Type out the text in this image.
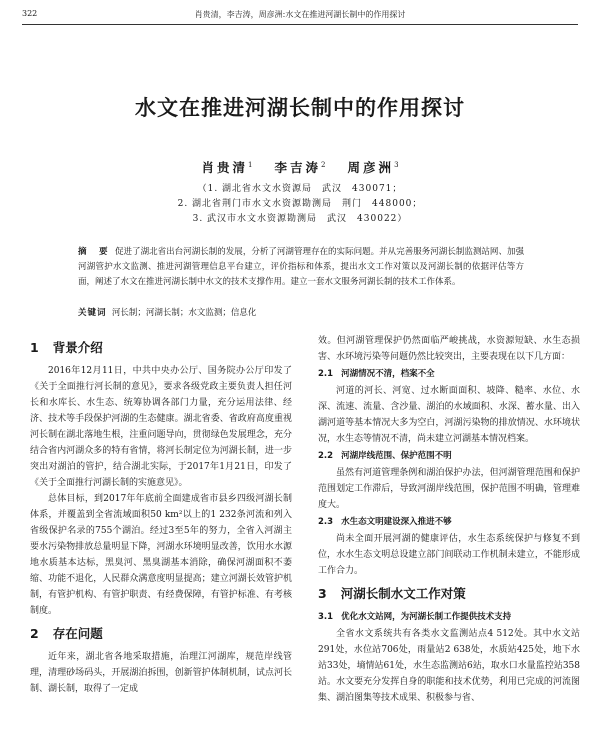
322	肖贵清，李吉涛，周彦洲:水文在推进河湖长制中的作用探讨
水文在推进河湖长制中的作用探讨
肖贵清$^1$ 李吉涛$^2$ 周彦洲$^3$
（1. 湖北省水文水资源局　武汉　430071；
2. 湖北省荆门市水文水资源勘测局　荆门　448000；
3. 武汉市水文水资源勘测局　武汉　430022）
摘　要 促进了湖北省出台河湖长制的发展，分析了河湖管理存在的实际问题。并从完善服务河湖长制监测站网、加强河湖管护水文监测、推进河湖管理信息平台建立，评价指标和体系，提出水文工作对策以及河湖长制的依据评估等方面，阐述了水文在推进河湖长制中水文的技术支撑作用。建立一套水文服务河湖长制的技术工作体系。
关键词 河长制；河湖长制；水文监测；信息化
1 背景介绍

2016年12月11日，中共中央办公厅、国务院办公厅印发了《关于全面推行河长制的意见》，要求各级党政主要负责人担任河长和水库长、水生态、统筹协调各部门力量，充分运用法律、经济、技术等手段保护河湖的生态健康。湖北省委、省政府高度重视河长制在湖北落地生根，注重问题导向，贯彻绿色发展理念，充分结合省内河湖众多的特有省情，将河长制定位为河湖长制，进一步突出对湖泊的管护，结合湖北实际，于2017年1月21日，印发了《关于全面推行河湖长制的实施意见》。

总体目标，到2017年年底前全面建成省市县乡四级河湖长制体系，并覆盖到全省流域面积50 km²以上的1 232条河流和列入省级保护名录的755个湖泊。经过3至5年的努力，全省入河湖主要水污染物排放总量明显下降，河湖水环境明显改善，饮用水水源地水质基本达标，黑臭河、黑臭湖基本消除，确保河湖面积不萎缩、功能不退化，人民群众满意度明显提高；建立河湖长效管护机制，有管护机构、有管护职责、有经费保障，有管护标准、有考核制度。

2 存在问题

近年来，湖北省各地采取措施，治理江河湖库，规范岸线管理，清理砂场码头，开展湖泊拆围，创新管护体制机制，试点河长制、湖长制，取得了一定成

效。但河湖管理保护仍然面临严峻挑战，水资源短缺、水生态损害、水环境污染等问题仍然比较突出，主要表现在以下几方面：

2.1 河湖情况不清，档案不全

河道的河长、河宽、过水断面面积、坡降、糙率、水位、水深、流速、流量、含沙量、湖泊的水域面积、水深、蓄水量、出入湖河道等基本情况大多为空白，河湖污染物的排放情况、水环境状况，水生态等情况不清，尚未建立河湖基本情况档案。

2.2 河湖岸线范围、保护范围不明

虽然有河道管理条例和湖泊保护办法，但河湖管理范围和保护范围划定工作滞后，导致河湖岸线范围，保护范围不明确，管理难度大。

2.3 水生态文明建设深入推进不够

尚未全面开展河湖的健康评估，水生态系统保护与修复不到位，水水生态文明总设建立部门间联动工作机制未建立，不能形成工作合力。

3 河湖长制水文工作对策
3.1 优化水文站网，为河湖长制工作提供技术支持

全省水文系统共有各类水文监测站点4 512处。其中水文站291处，水位站706处，雨量站2 638处，水质站425处，地下水站33处，墒情站61处，水生态监测站6站，取水口水量监控站358站。水文要充分发挥自身的职能和技术优势，利用已完成的河流图集、湖泊图集等技术成果、积极参与省、
